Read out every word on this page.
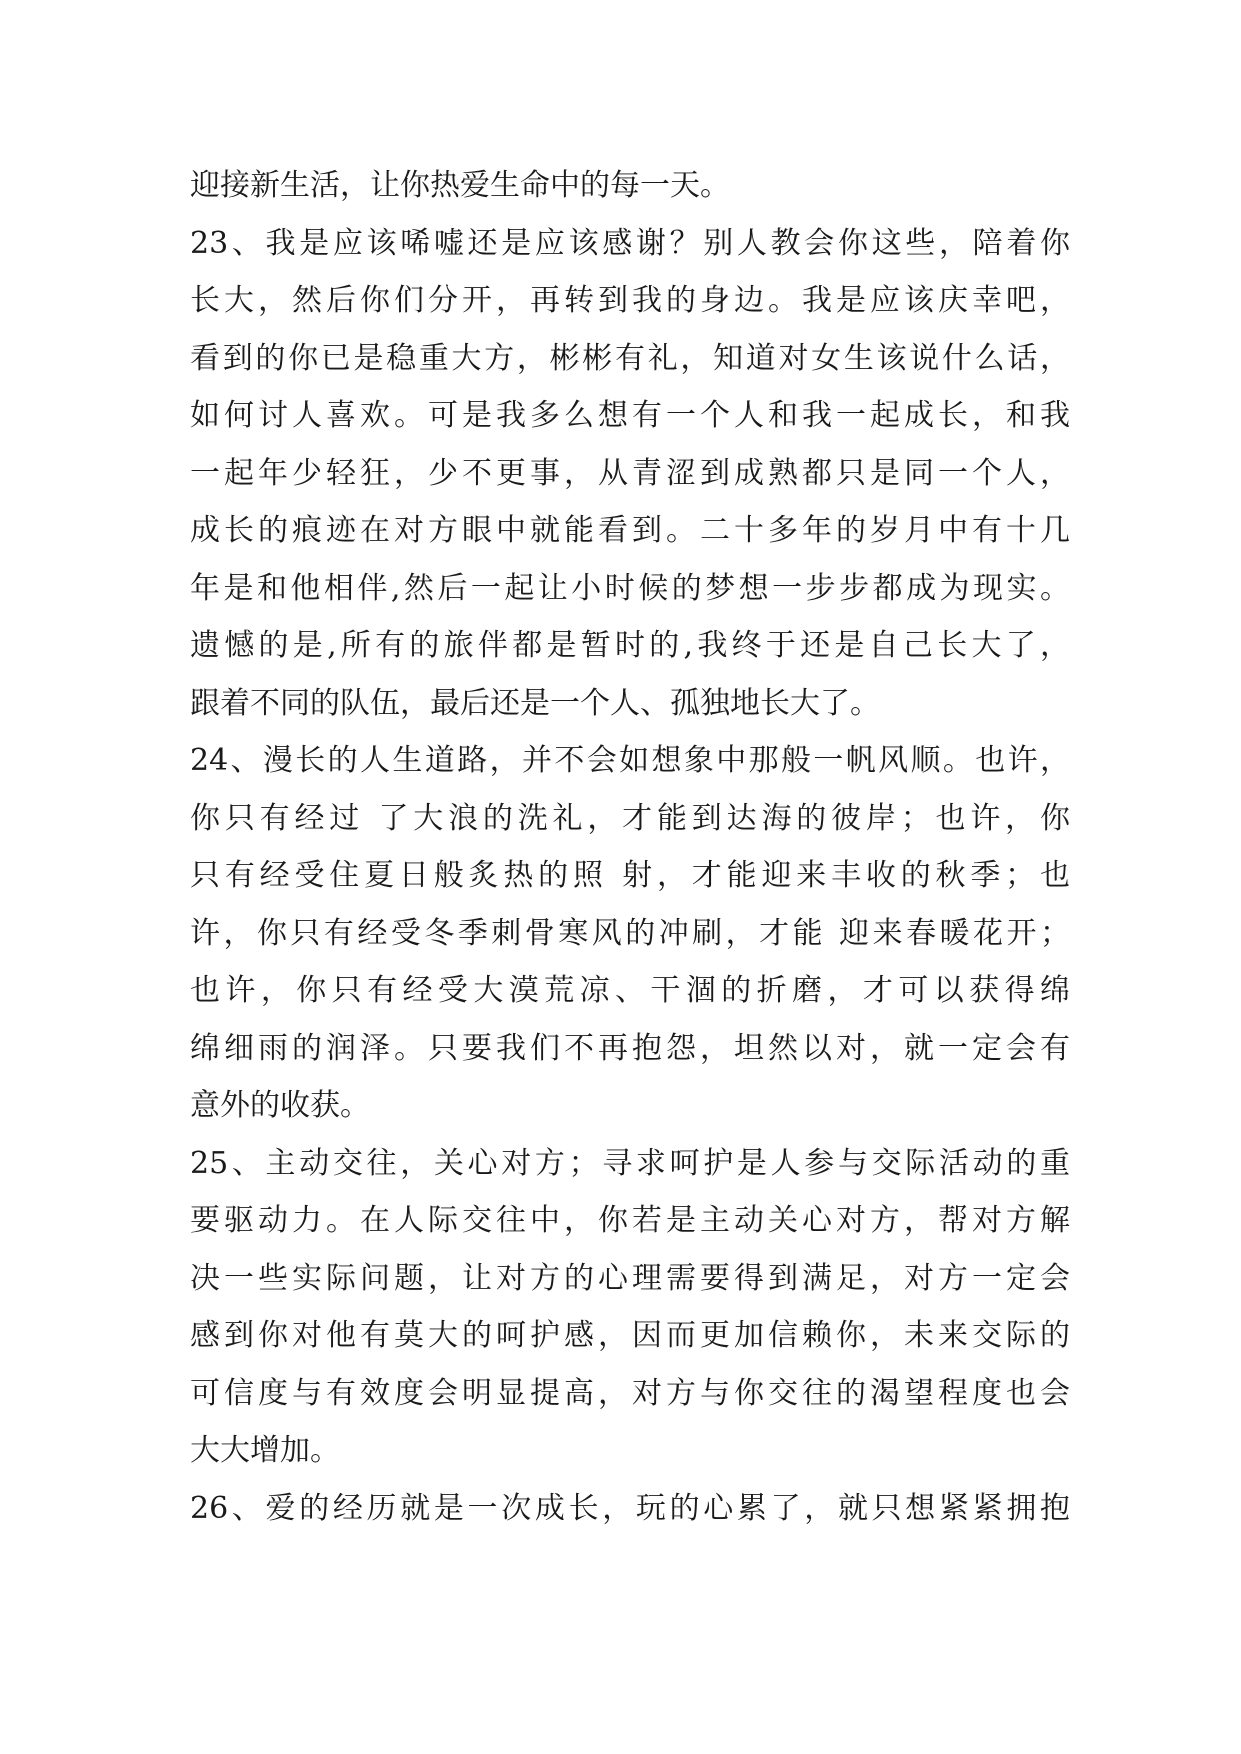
迎接新生活，让你热爱生命中的每一天。
23、我是应该唏嘘还是应该感谢？别人教会你这些，陪着你
长大，然后你们分开，再转到我的身边。我是应该庆幸吧，
看到的你已是稳重大方，彬彬有礼，知道对女生该说什么话，
如何讨人喜欢。可是我多么想有一个人和我一起成长，和我
一起年少轻狂，少不更事，从青涩到成熟都只是同一个人，
成长的痕迹在对方眼中就能看到。二十多年的岁月中有十几
年是和他相伴,然后一起让小时候的梦想一步步都成为现实。
遗憾的是,所有的旅伴都是暂时的,我终于还是自己长大了，
跟着不同的队伍，最后还是一个人、孤独地长大了。
24、漫长的人生道路，并不会如想象中那般一帆风顺。也许，
你只有经过 了大浪的洗礼，才能到达海的彼岸；也许，你
只有经受住夏日般炙热的照 射，才能迎来丰收的秋季；也
许，你只有经受冬季刺骨寒风的冲刷，才能 迎来春暖花开；
也许，你只有经受大漠荒凉、干涸的折磨，才可以获得绵
绵细雨的润泽。只要我们不再抱怨，坦然以对，就一定会有
意外的收获。
25、主动交往，关心对方；寻求呵护是人参与交际活动的重
要驱动力。在人际交往中，你若是主动关心对方，帮对方解
决一些实际问题，让对方的心理需要得到满足，对方一定会
感到你对他有莫大的呵护感，因而更加信赖你，未来交际的
可信度与有效度会明显提高，对方与你交往的渴望程度也会
大大增加。
26、爱的经历就是一次成长，玩的心累了，就只想紧紧拥抱
